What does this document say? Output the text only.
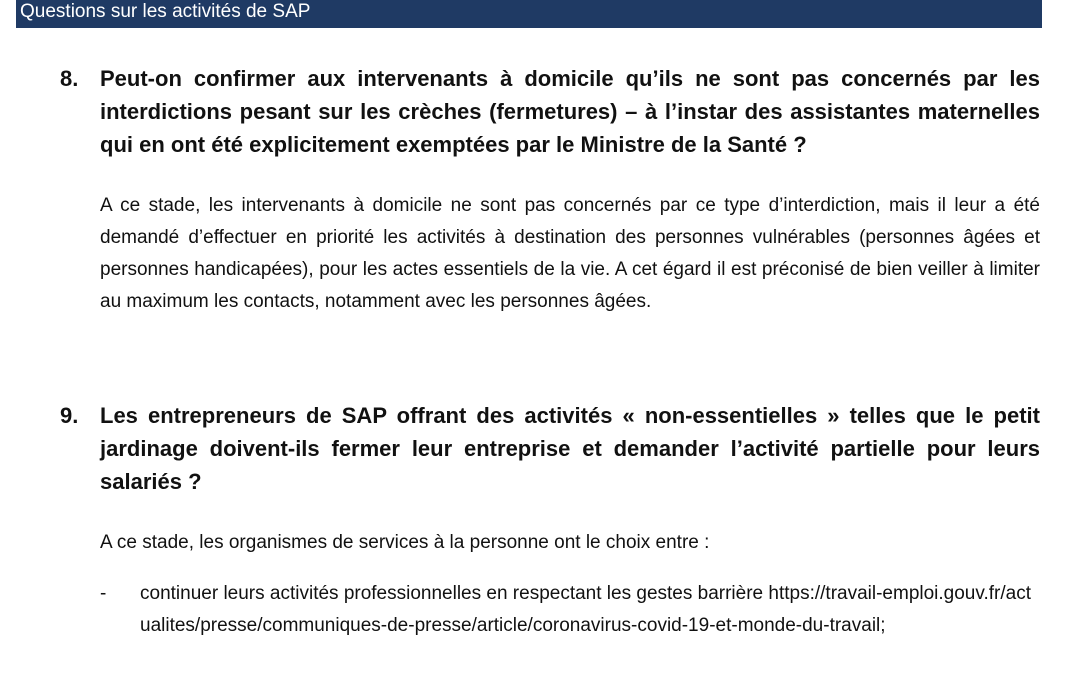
Questions sur les activités de SAP
8. Peut-on confirmer aux intervenants à domicile qu’ils ne sont pas concernés par les interdictions pesant sur les crèches (fermetures) – à l’instar des assistantes maternelles qui en ont été explicitement exemptées par le Ministre de la Santé ?
A ce stade, les intervenants à domicile ne sont pas concernés par ce type d’interdiction, mais il leur a été demandé d’effectuer en priorité les activités à destination des personnes vulnérables (personnes âgées et personnes handicapées), pour les actes essentiels de la vie. A cet égard il est préconisé de bien veiller à limiter au maximum les contacts, notamment avec les personnes âgées.
9. Les entrepreneurs de SAP offrant des activités « non-essentielles » telles que le petit jardinage doivent-ils fermer leur entreprise et demander l’activité partielle pour leurs salariés ?
A ce stade, les organismes de services à la personne ont le choix entre :
- continuer leurs activités professionnelles en respectant les gestes barrière https://travail-emploi.gouv.fr/actualites/presse/communiques-de-presse/article/coronavirus-covid-19-et-monde-du-travail;
